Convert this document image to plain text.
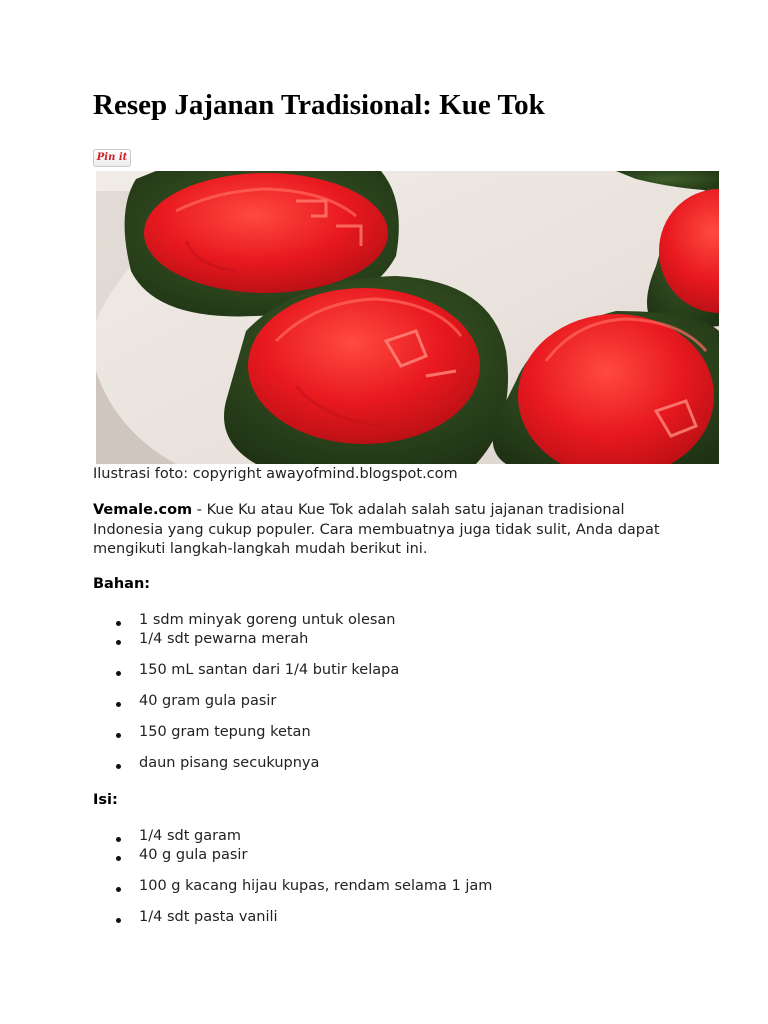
Resep Jajanan Tradisional: Kue Tok
Pin it
Ilustrasi foto: copyright awayofmind.blogspot.com

Vemale.com - Kue Ku atau Kue Tok adalah salah satu jajanan tradisional Indonesia yang cukup populer. Cara membuatnya juga tidak sulit, Anda dapat mengikuti langkah-langkah mudah berikut ini.

Bahan:
1 sdm minyak goreng untuk olesan
1/4 sdt pewarna merah
150 mL santan dari 1/4 butir kelapa
40 gram gula pasir
150 gram tepung ketan
daun pisang secukupnya
Isi:
1/4 sdt garam
40 g gula pasir
100 g kacang hijau kupas, rendam selama 1 jam
1/4 sdt pasta vanili
